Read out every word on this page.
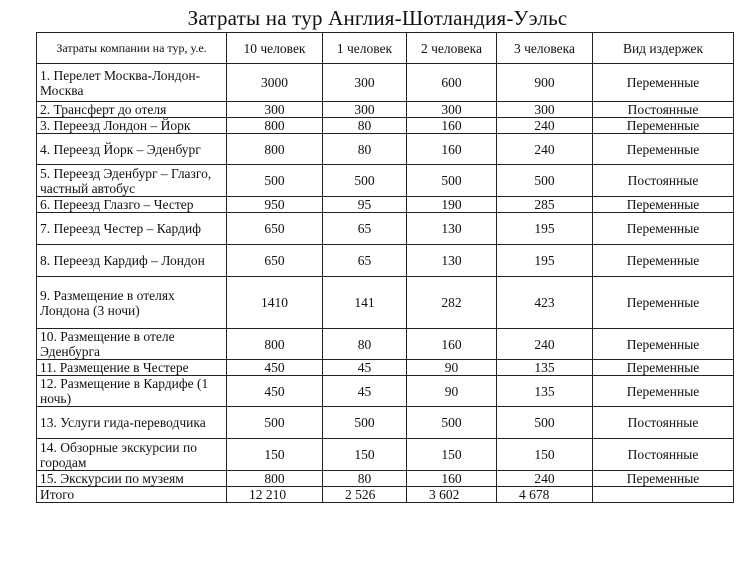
Затраты на тур Англия-Шотландия-Уэльс
Затраты компании на тур, у.е.	10 человек	1 человек	2 человека	3 человека	Вид издержек
1. Перелет Москва-Лондон-Москва	3000	300	600	900	Переменные
2. Трансферт до отеля	300	300	300	300	Постоянные
3. Переезд Лондон – Йорк	800	80	160	240	Переменные
4. Переезд Йорк – Эденбург	800	80	160	240	Переменные
5. Переезд Эденбург – Глазго, частный автобус	500	500	500	500	Постоянные
6. Переезд Глазго – Честер	950	95	190	285	Переменные
7. Переезд Честер – Кардиф	650	65	130	195	Переменные
8. Переезд Кардиф – Лондон	650	65	130	195	Переменные
9. Размещение в отелях Лондона (3 ночи)	1410	141	282	423	Переменные
10. Размещение в отеле Эденбурга	800	80	160	240	Переменные
11. Размещение в Честере	450	45	90	135	Переменные
12. Размещение в Кардифе (1 ночь)	450	45	90	135	Переменные
13. Услуги гида-переводчика	500	500	500	500	Постоянные
14. Обзорные экскурсии по городам	150	150	150	150	Постоянные
15. Экскурсии по музеям	800	80	160	240	Переменные
Итого	12 210	2 526	3 602	4 678	
